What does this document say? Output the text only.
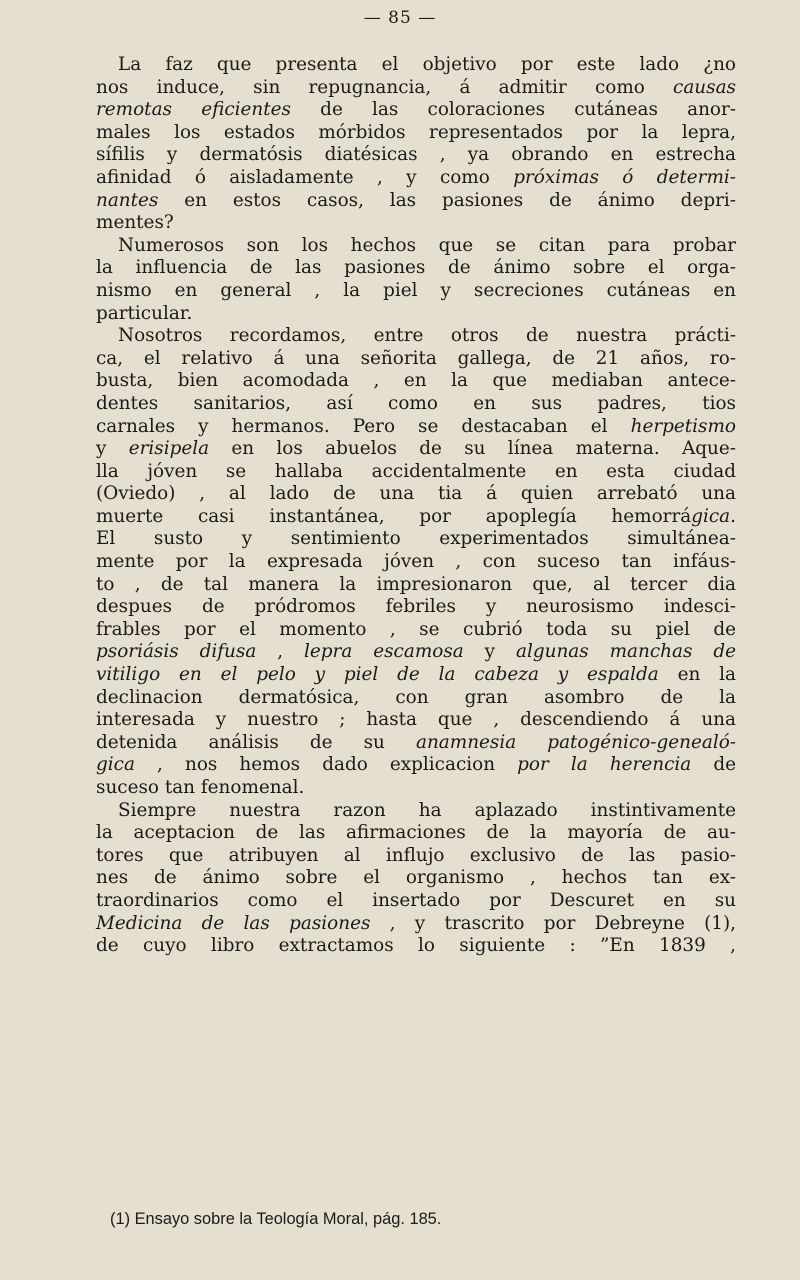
— 85 —
La faz que presenta el objetivo por este lado ¿no
nos induce, sin repugnancia, á admitir como causas
remotas eficientes de las coloraciones cutáneas anor-
males los estados mórbidos representados por la lepra,
sífilis y dermatósis diatésicas , ya obrando en estrecha
afinidad ó aisladamente , y como próximas ó determi-
nantes en estos casos, las pasiones de ánimo depri-
mentes?
Numerosos son los hechos que se citan para probar
la influencia de las pasiones de ánimo sobre el orga-
nismo en general , la piel y secreciones cutáneas en
particular.
Nosotros recordamos, entre otros de nuestra prácti-
ca, el relativo á una señorita gallega, de 21 años, ro-
busta, bien acomodada , en la que mediaban antece-
dentes sanitarios, así como en sus padres, tios
carnales y hermanos. Pero se destacaban el herpetismo
y erisipela en los abuelos de su línea materna. Aque-
lla jóven se hallaba accidentalmente en esta ciudad
(Oviedo) , al lado de una tia á quien arrebató una
muerte casi instantánea, por apoplegía hemorrágica.
El susto y sentimiento experimentados simultánea-
mente por la expresada jóven , con suceso tan infáus-
to , de tal manera la impresionaron que, al tercer dia
despues de pródromos febriles y neurosismo indesci-
frables por el momento , se cubrió toda su piel de
psoriásis difusa , lepra escamosa y algunas manchas de
vitiligo en el pelo y piel de la cabeza y espalda en la
declinacion dermatósica, con gran asombro de la
interesada y nuestro ; hasta que , descendiendo á una
detenida análisis de su anamnesia patogénico-genealó-
gica , nos hemos dado explicacion por la herencia de
suceso tan fenomenal.
Siempre nuestra razon ha aplazado instintivamente
la aceptacion de las afirmaciones de la mayoría de au-
tores que atribuyen al influjo exclusivo de las pasio-
nes de ánimo sobre el organismo , hechos tan ex-
traordinarios como el insertado por Descuret en su
Medicina de las pasiones , y trascrito por Debreyne (1),
de cuyo libro extractamos lo siguiente : ”En 1839 ,
(1) Ensayo sobre la Teología Moral, pág. 185.
